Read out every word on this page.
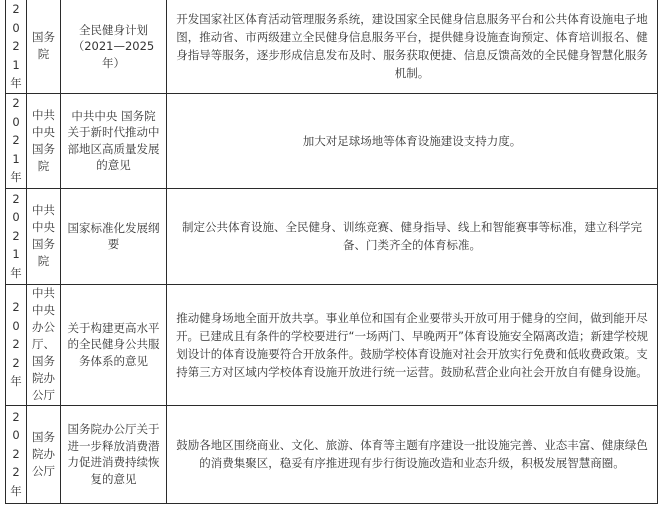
2021年	国务院	全民健身计划（2021—2025年）	开发国家社区体育活动管理服务系统，建设国家全民健身信息服务平台和公共体育设施电子地图，推动省、市两级建立全民健身信息服务平台，提供健身设施查询预定、体育培训报名、健身指导等服务，逐步形成信息发布及时、服务获取便捷、信息反馈高效的全民健身智慧化服务机制。

2021年	中共中央国务院	中共中央 国务院关于新时代推动中部地区高质量发展的意见	加大对足球场地等体育设施建设支持力度。

2021年	中共中央国务院	国家标准化发展纲要	制定公共体育设施、全民健身、训练竞赛、健身指导、线上和智能赛事等标准，建立科学完备、门类齐全的体育标准。

2022年	中共中央办公厅、国务院办公厅	关于构建更高水平的全民健身公共服务体系的意见	推动健身场地全面开放共享。事业单位和国有企业要带头开放可用于健身的空间，做到能开尽开。已建成且有条件的学校要进行“一场两门、早晚两开”体育设施安全隔离改造；新建学校规划设计的体育设施要符合开放条件。鼓励学校体育设施对社会开放实行免费和低收费政策。支持第三方对区域内学校体育设施开放进行统一运营。鼓励私营企业向社会开放自有健身设施。

2022年	国务院办公厅	国务院办公厅关于进一步释放消费潜力促进消费持续恢复的意见	鼓励各地区围绕商业、文化、旅游、体育等主题有序建设一批设施完善、业态丰富、健康绿色的消费集聚区，稳妥有序推进现有步行街设施改造和业态升级，积极发展智慧商圈。
